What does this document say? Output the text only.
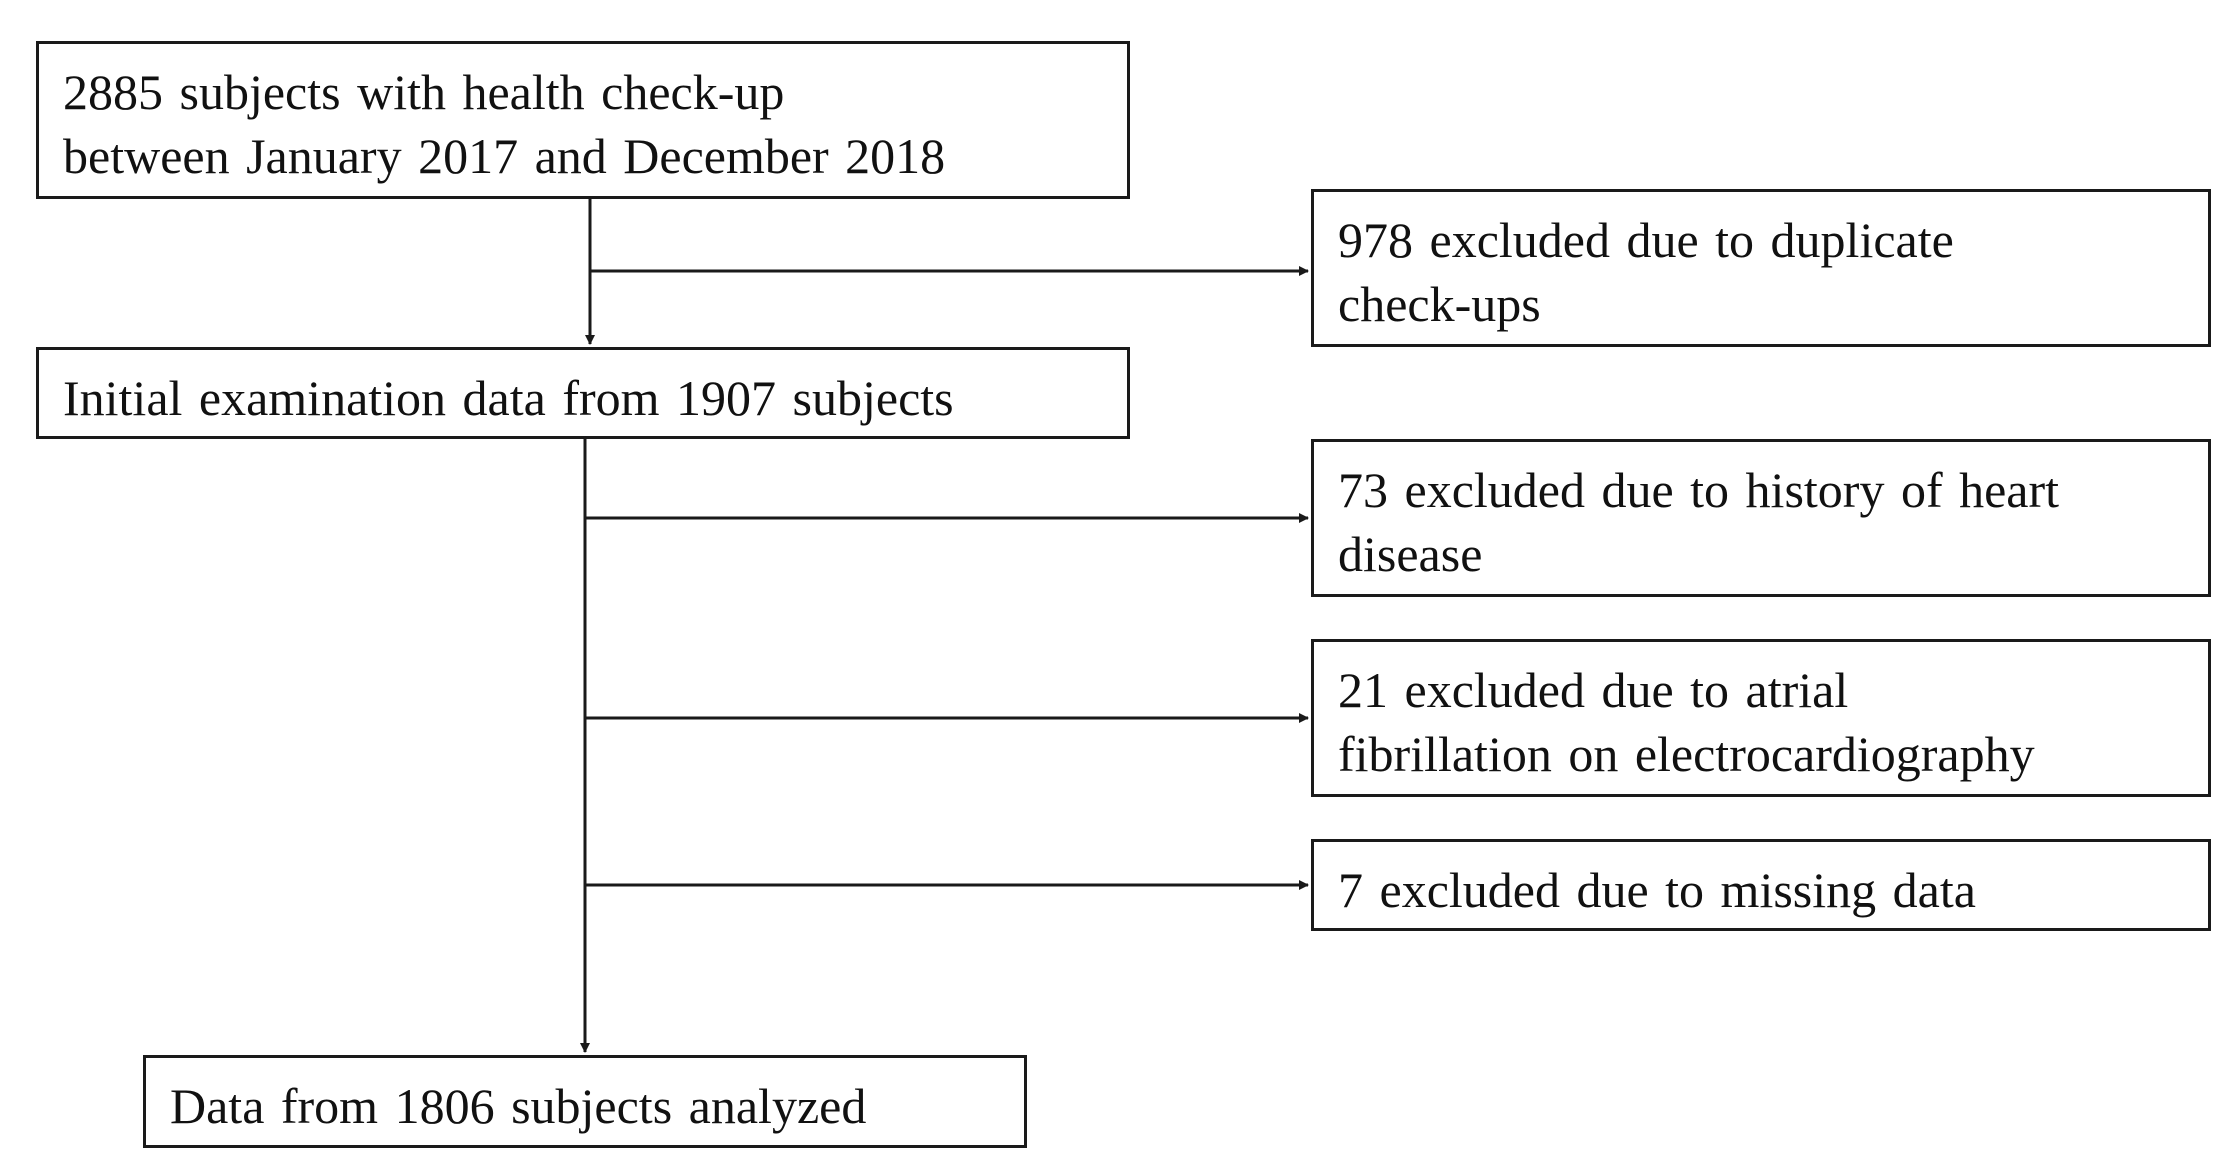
2885 subjects with health check-up
between January 2017 and December 2018
Initial examination data from 1907 subjects
Data from 1806 subjects analyzed
978 excluded due to duplicate
check-ups
73 excluded due to history of heart
disease
21 excluded due to atrial
fibrillation on electrocardiography
7 excluded due to missing data
